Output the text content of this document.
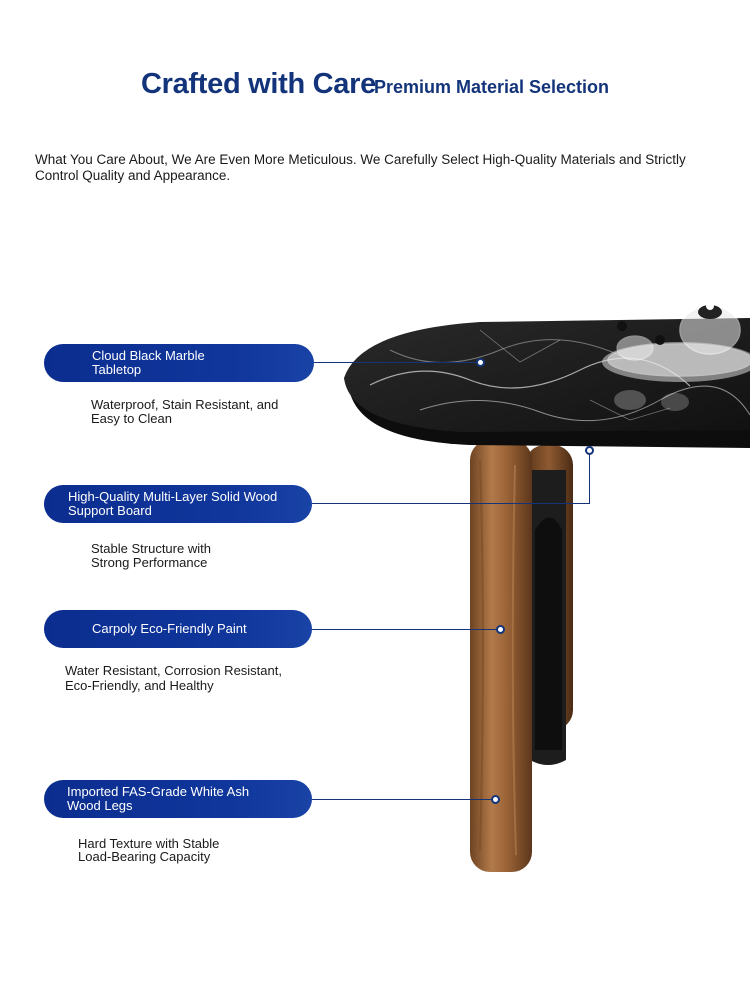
Crafted with Care
Premium Material Selection
What You Care About, We Are Even More Meticulous. We Carefully Select High-Quality Materials and Strictly Control Quality and Appearance.
Cloud Black Marble Tabletop
Waterproof, Stain Resistant, and Easy to Clean
High-Quality Multi-Layer Solid Wood Support Board
Stable Structure with Strong Performance
Carpoly Eco-Friendly Paint
Water Resistant, Corrosion Resistant, Eco-Friendly, and Healthy
Imported FAS-Grade White Ash Wood Legs
Hard Texture with Stable Load-Bearing Capacity
